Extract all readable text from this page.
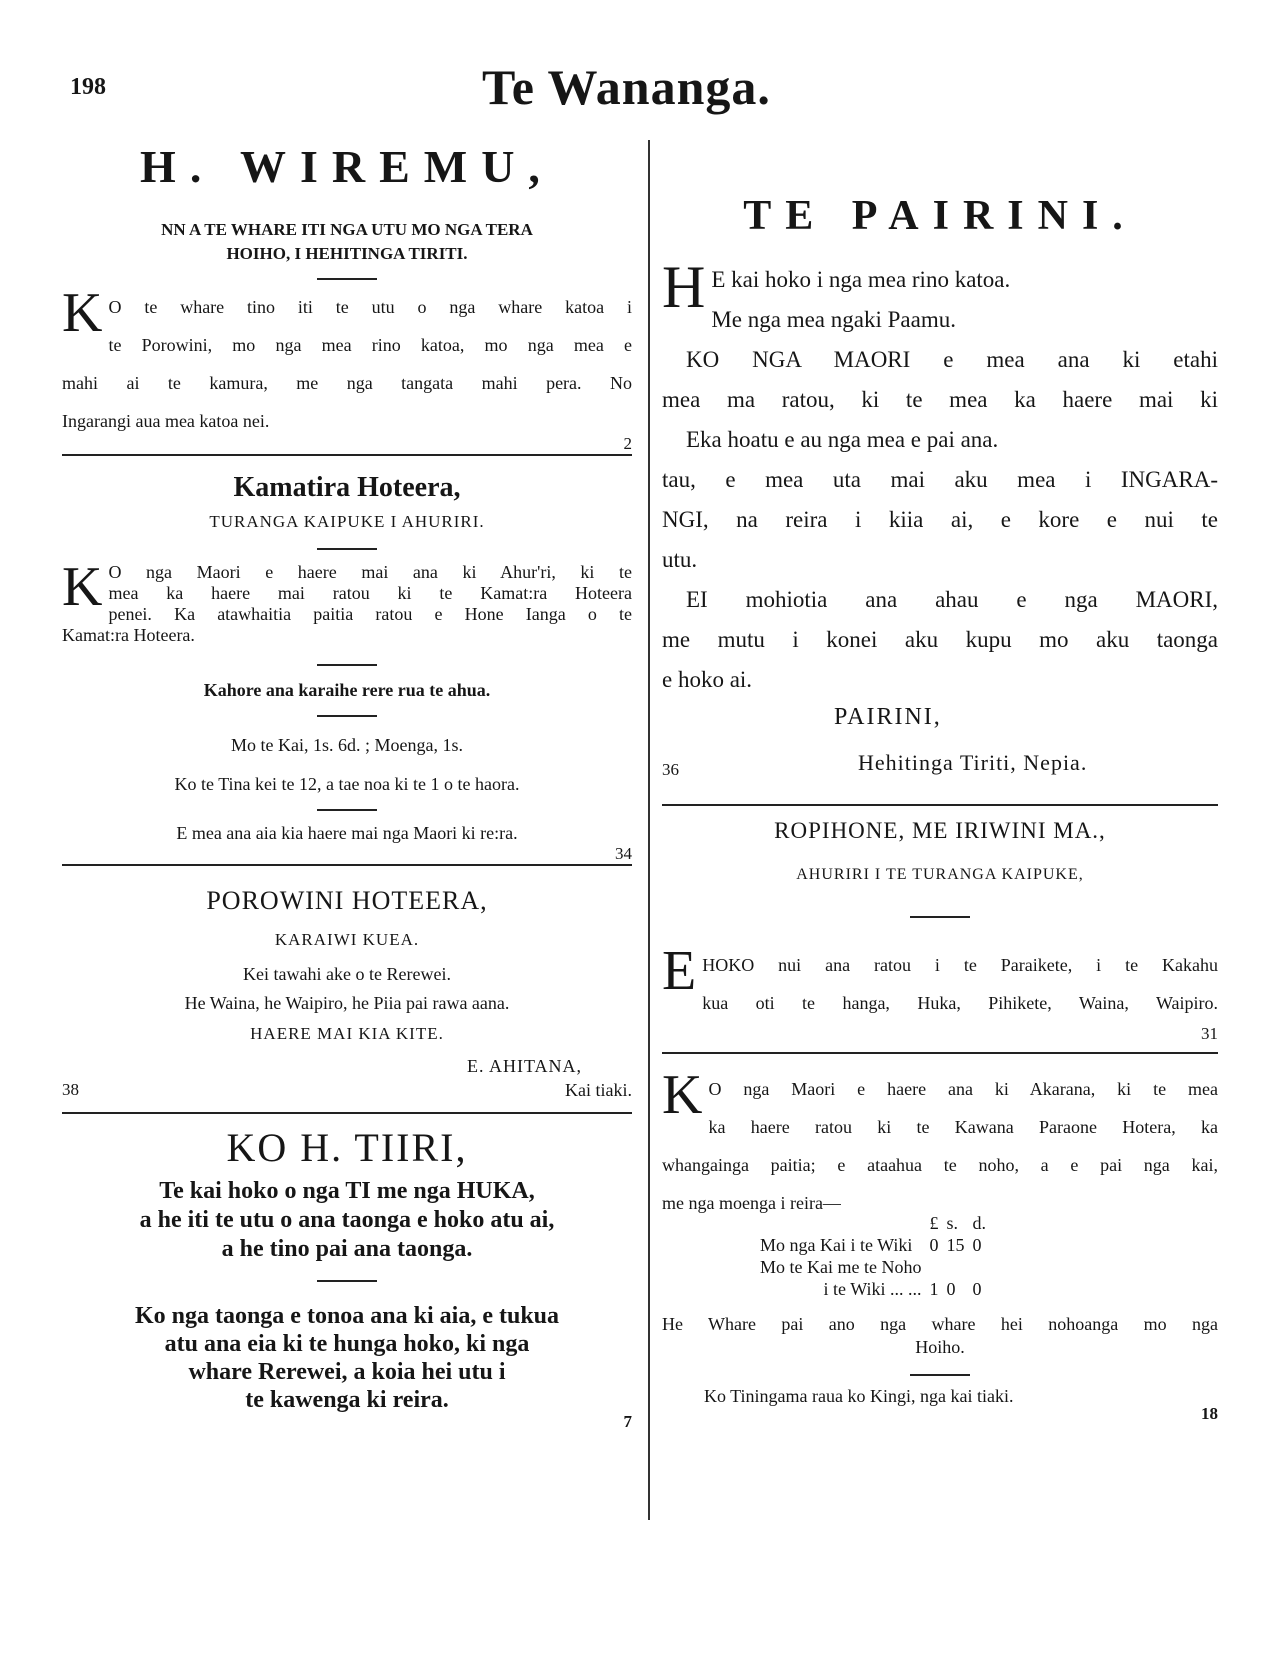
198	Te Wananga.
H. WIREMU,
NN A TE WHARE ITI NGA UTU MO NGA TERA
HOIHO, I HEHITINGA TIRITI.
K O te whare tino iti te utu o nga whare katoa i
te Porowini, mo nga mea rino katoa, mo nga mea e
mahi ai te kamura, me nga tangata mahi pera. No
Ingarangi aua mea katoa nei.
2
Kamatira Hoteera,
TURANGA KAIPUKE I AHURIRI.
K O nga Maori e haere mai ana ki Ahur'ri, ki te
mea ka haere mai ratou ki te Kamat:ra Hoteera
penei. Ka atawhaitia paitia ratou e Hone Ianga o te
Kamat:ra Hoteera.
Kahore ana karaihe rere rua te ahua.
Mo te Kai, 1s. 6d. ; Moenga, 1s.
Ko te Tina kei te 12, a tae noa ki te 1 o te haora.
E mea ana aia kia haere mai nga Maori ki re:ra.
34
POROWINI HOTEERA,
KARAIWI KUEA.
Kei tawahi ake o te Rerewei.
He Waina, he Waipiro, he Piia pai rawa aana.
HAERE MAI KIA KITE.
E. AHITANA,
38	Kai tiaki.
KO H. TIIRI,
Te kai hoko o nga TI me nga HUKA,
a he iti te utu o ana taonga e hoko atu ai,
a he tino pai ana taonga.
Ko nga taonga e tonoa ana ki aia, e tukua
atu ana eia ki te hunga hoko, ki nga
whare Rerewei, a koia hei utu i
te kawenga ki reira.
7
TE PAIRINI.
H E kai hoko i nga mea rino katoa.
Me nga mea ngaki Paamu.
KO NGA MAORI e mea ana ki etahi
mea ma ratou, ki te mea ka haere mai ki
Eka hoatu e au nga mea e pai ana.
tau, e mea uta mai aku mea i INGARA-
NGI, na reira i kiia ai, e kore e nui te
utu.
EI mohiotia ana ahau e nga MAORI,
me mutu i konei aku kupu mo aku taonga
e hoko ai.
PAIRINI,
Hehitinga Tiriti, Nepia.
36
ROPIHONE, ME IRIWINI MA.,
AHURIRI I TE TURANGA KAIPUKE,
E HOKO nui ana ratou i te Paraikete, i te Kakahu
kua oti te hanga, Huka, Pihikete, Waina, Waipiro.
31
K O nga Maori e haere ana ki Akarana, ki te mea
ka haere ratou ki te Kawana Paraone Hotera, ka
whangainga paitia; e ataahua te noho, a e pai nga kai,
me nga moenga i reira—
	£	s.	d.
Mo nga Kai i te Wiki	0	15	0
Mo te Kai me te Noho			
i te Wiki ... ...	1	0	0
He Whare pai ano nga whare hei nohoanga mo nga
Hoiho.
Ko Tiningama raua ko Kingi, nga kai tiaki.
18
